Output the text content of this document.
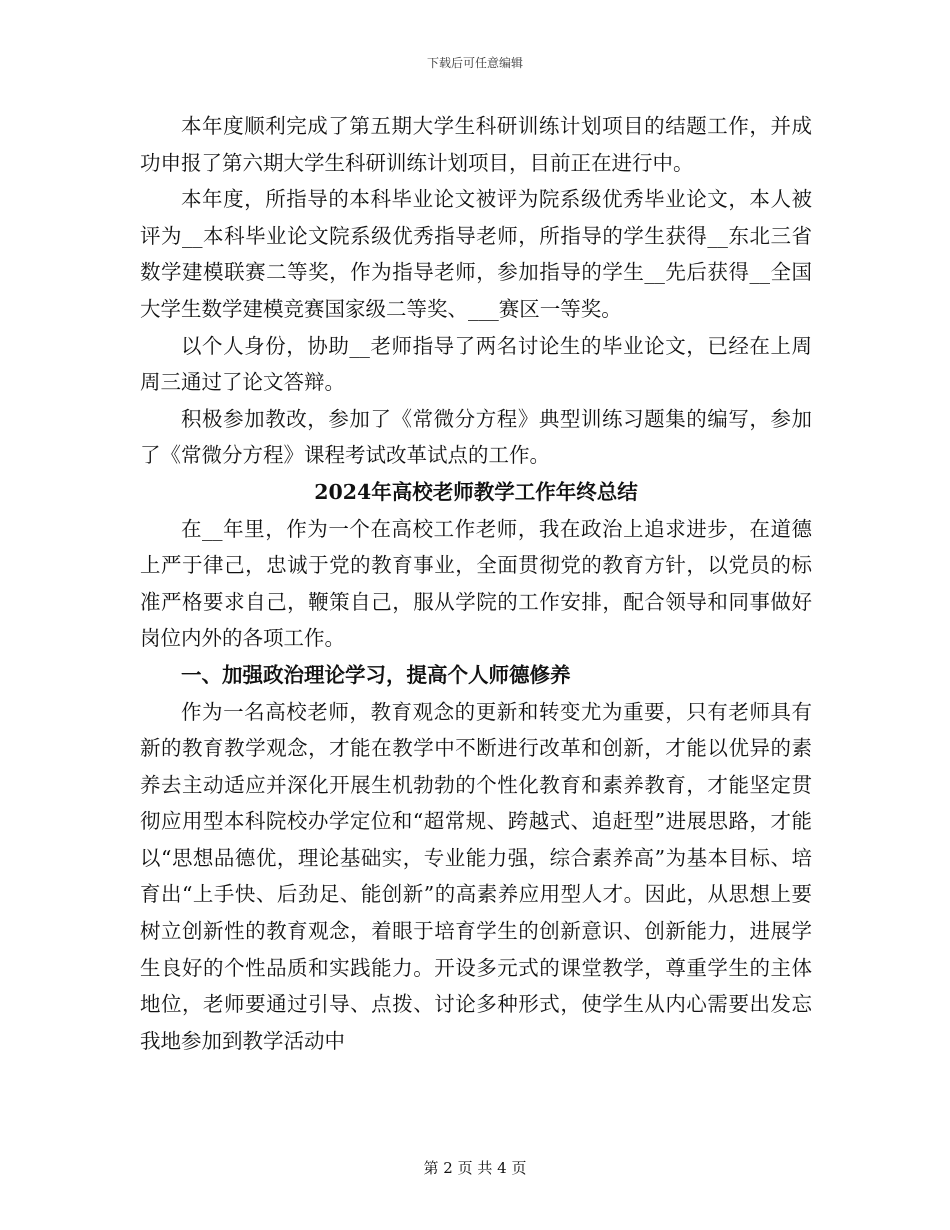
下载后可任意编辑

本年度顺利完成了第五期大学生科研训练计划项目的结题工作，并成功申报了第六期大学生科研训练计划项目，目前正在进行中。

本年度，所指导的本科毕业论文被评为院系级优秀毕业论文，本人被评为__本科毕业论文院系级优秀指导老师，所指导的学生获得__东北三省数学建模联赛二等奖，作为指导老师，参加指导的学生__先后获得__全国大学生数学建模竞赛国家级二等奖、___赛区一等奖。

以个人身份，协助__老师指导了两名讨论生的毕业论文，已经在上周周三通过了论文答辩。

积极参加教改，参加了《常微分方程》典型训练习题集的编写，参加了《常微分方程》课程考试改革试点的工作。

2024年高校老师教学工作年终总结

在__年里，作为一个在高校工作老师，我在政治上追求进步，在道德上严于律己，忠诚于党的教育事业，全面贯彻党的教育方针，以党员的标准严格要求自己，鞭策自己，服从学院的工作安排，配合领导和同事做好岗位内外的各项工作。

一、加强政治理论学习，提高个人师德修养

作为一名高校老师，教育观念的更新和转变尤为重要，只有老师具有新的教育教学观念，才能在教学中不断进行改革和创新，才能以优异的素养去主动适应并深化开展生机勃勃的个性化教育和素养教育，才能坚定贯彻应用型本科院校办学定位和“超常规、跨越式、追赶型”进展思路，才能以“思想品德优，理论基础实，专业能力强，综合素养高”为基本目标、培育出“上手快、后劲足、能创新”的高素养应用型人才。因此，从思想上要树立创新性的教育观念，着眼于培育学生的创新意识、创新能力，进展学生良好的个性品质和实践能力。开设多元式的课堂教学，尊重学生的主体地位，老师要通过引导、点拨、讨论多种形式，使学生从内心需要出发忘我地参加到教学活动中

第 2 页 共 4 页
